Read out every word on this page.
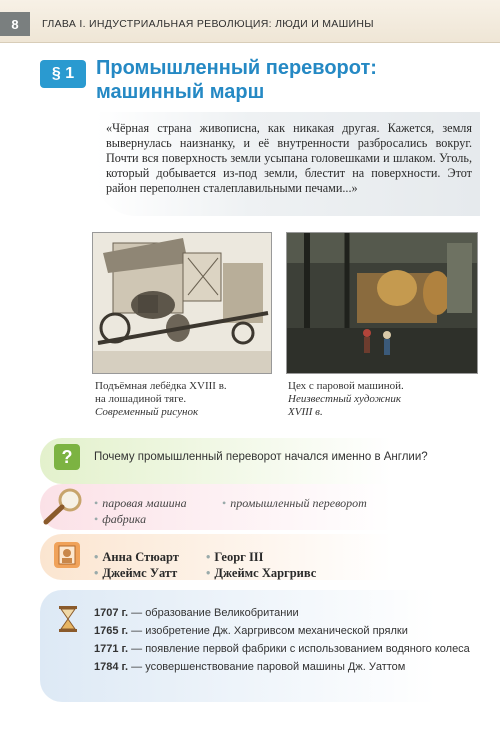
8	ГЛАВА I. ИНДУСТРИАЛЬНАЯ РЕВОЛЮЦИЯ: ЛЮДИ И МАШИНЫ
§ 1	Промышленный переворот:
машинный марш
«Чёрная страна живописна, как никакая другая. Кажется, земля вывернулась наизнанку, и её внутренности разбросались вокруг. Почти вся поверхность земли усыпана головешками и шлаком. Уголь, который добывается из-под земли, блестит на поверхности. Этот район переполнен сталеплавильными печами...»
Подъёмная лебёдка XVIII в.
на лошадиной тяге.
Современный рисунок
Цех с паровой машиной.
Неизвестный художник
XVIII в.
?	Почему промышленный переворот начался именно в Англии?
• паровая машина	• промышленный переворот
• фабрика
• Анна Стюарт • Георг III
• Джеймс Уатт • Джеймс Харгривс
1707 г. — образование Великобритании
1765 г. — изобретение Дж. Харгривсом механической прялки
1771 г. — появление первой фабрики с использованием водяного колеса
1784 г. — усовершенствование паровой машины Дж. Уаттом
